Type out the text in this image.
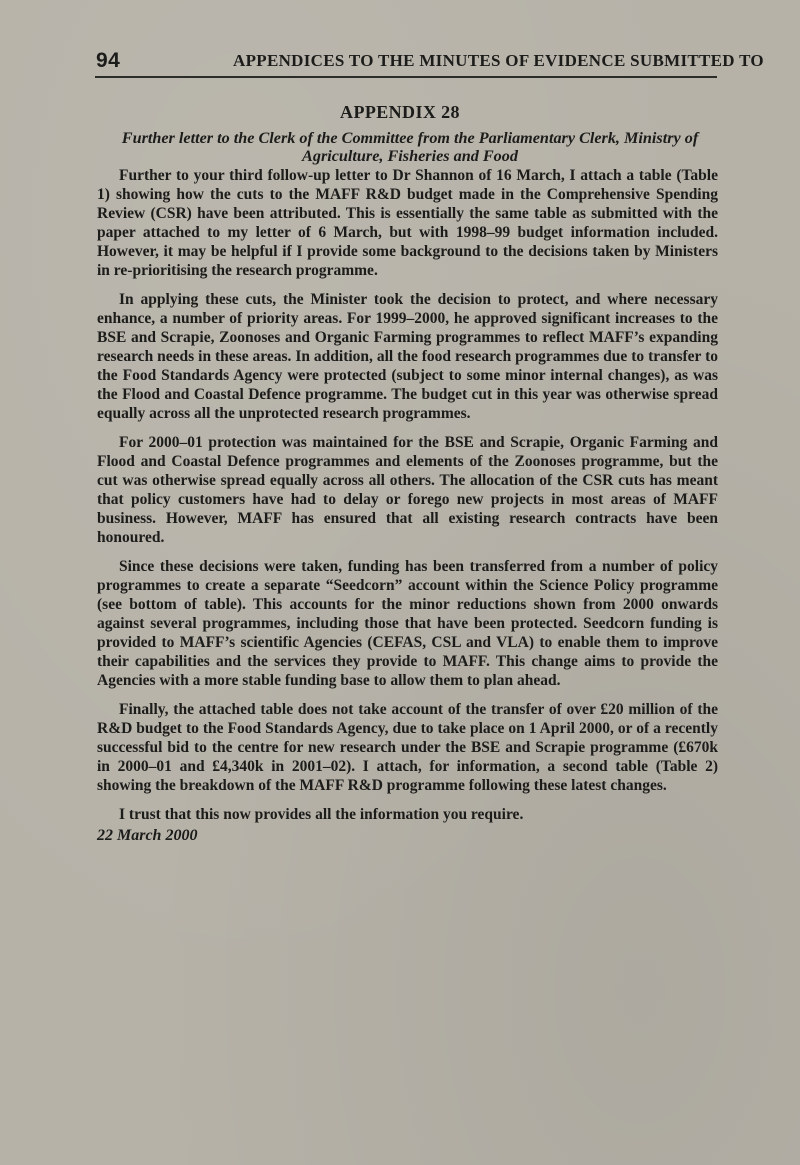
94	APPENDICES TO THE MINUTES OF EVIDENCE SUBMITTED TO
APPENDIX 28
Further letter to the Clerk of the Committee from the Parliamentary Clerk, Ministry of Agriculture, Fisheries and Food

Further to your third follow-up letter to Dr Shannon of 16 March, I attach a table (Table 1) showing how the cuts to the MAFF R&D budget made in the Comprehensive Spending Review (CSR) have been attributed. This is essentially the same table as submitted with the paper attached to my letter of 6 March, but with 1998–99 budget information included. However, it may be helpful if I provide some background to the decisions taken by Ministers in re-prioritising the research programme.

In applying these cuts, the Minister took the decision to protect, and where necessary enhance, a number of priority areas. For 1999–2000, he approved significant increases to the BSE and Scrapie, Zoonoses and Organic Farming programmes to reflect MAFF’s expanding research needs in these areas. In addition, all the food research programmes due to transfer to the Food Standards Agency were protected (subject to some minor internal changes), as was the Flood and Coastal Defence programme. The budget cut in this year was otherwise spread equally across all the unprotected research programmes.

For 2000–01 protection was maintained for the BSE and Scrapie, Organic Farming and Flood and Coastal Defence programmes and elements of the Zoonoses programme, but the cut was otherwise spread equally across all others. The allocation of the CSR cuts has meant that policy customers have had to delay or forego new projects in most areas of MAFF business. However, MAFF has ensured that all existing research contracts have been honoured.

Since these decisions were taken, funding has been transferred from a number of policy programmes to create a separate “Seedcorn” account within the Science Policy programme (see bottom of table). This accounts for the minor reductions shown from 2000 onwards against several programmes, including those that have been protected. Seedcorn funding is provided to MAFF’s scientific Agencies (CEFAS, CSL and VLA) to enable them to improve their capabilities and the services they provide to MAFF. This change aims to provide the Agencies with a more stable funding base to allow them to plan ahead.

Finally, the attached table does not take account of the transfer of over £20 million of the R&D budget to the Food Standards Agency, due to take place on 1 April 2000, or of a recently successful bid to the centre for new research under the BSE and Scrapie programme (£670k in 2000–01 and £4,340k in 2001–02). I attach, for information, a second table (Table 2) showing the breakdown of the MAFF R&D programme following these latest changes.

I trust that this now provides all the information you require.

22 March 2000
